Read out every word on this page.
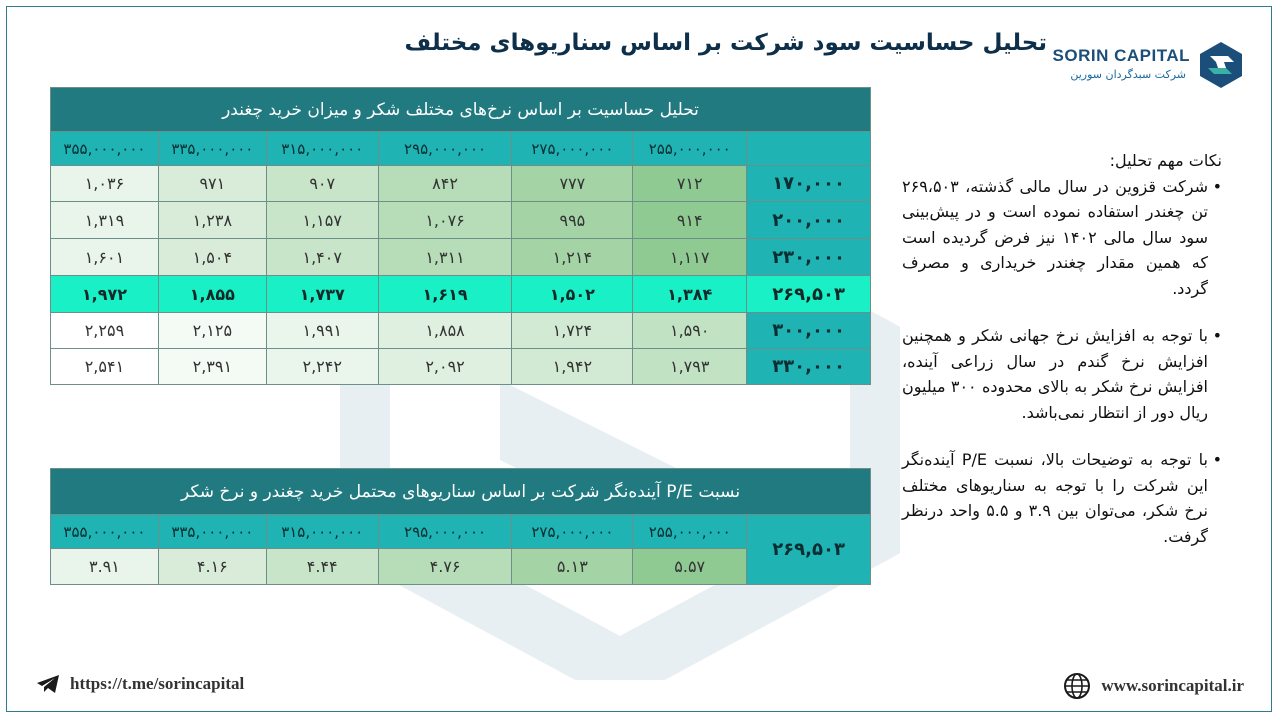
تحلیل حساسیت سود شرکت بر اساس سناریوهای مختلف SORIN CAPITAL
شرکت سبدگردان سورین
تحلیل حساسیت بر اساس نرخ‌های مختلف شکر و میزان خرید چغندر						
۳۵۵,۰۰۰,۰۰۰	۳۳۵,۰۰۰,۰۰۰	۳۱۵,۰۰۰,۰۰۰	۲۹۵,۰۰۰,۰۰۰	۲۷۵,۰۰۰,۰۰۰	۲۵۵,۰۰۰,۰۰۰	
۱,۰۳۶	۹۷۱	۹۰۷	۸۴۲	۷۷۷	۷۱۲	۱۷۰,۰۰۰
۱,۳۱۹	۱,۲۳۸	۱,۱۵۷	۱,۰۷۶	۹۹۵	۹۱۴	۲۰۰,۰۰۰
۱,۶۰۱	۱,۵۰۴	۱,۴۰۷	۱,۳۱۱	۱,۲۱۴	۱,۱۱۷	۲۳۰,۰۰۰
۱,۹۷۲	۱,۸۵۵	۱,۷۳۷	۱,۶۱۹	۱,۵۰۲	۱,۳۸۴	۲۶۹,۵۰۳
۲,۲۵۹	۲,۱۲۵	۱,۹۹۱	۱,۸۵۸	۱,۷۲۴	۱,۵۹۰	۳۰۰,۰۰۰
۲,۵۴۱	۲,۳۹۱	۲,۲۴۲	۲,۰۹۲	۱,۹۴۲	۱,۷۹۳	۳۳۰,۰۰۰
نسبت P/E آینده‌نگر شرکت بر اساس سناریوهای محتمل خرید چغندر و نرخ شکر						
۳۵۵,۰۰۰,۰۰۰	۳۳۵,۰۰۰,۰۰۰	۳۱۵,۰۰۰,۰۰۰	۲۹۵,۰۰۰,۰۰۰	۲۷۵,۰۰۰,۰۰۰	۲۵۵,۰۰۰,۰۰۰	۲۶۹,۵۰۳
۳.۹۱	۴.۱۶	۴.۴۴	۴.۷۶	۵.۱۳	۵.۵۷	
نکات مهم تحلیل:
• شرکت قزوین در سال مالی گذشته، ۲۶۹،۵۰۳ تن چغندر استفاده نموده است و در پیش‌بینی سود سال مالی ۱۴۰۲ نیز فرض گردیده است که همین مقدار چغندر خریداری و مصرف گردد.
• با توجه به افزایش نرخ جهانی شکر و همچنین افزایش نرخ گندم در سال زراعی آینده، افزایش نرخ شکر به بالای محدوده ۳۰۰ میلیون ریال دور از انتظار نمی‌باشد.
• با توجه به توضیحات بالا، نسبت P/E آینده‌نگر این شرکت را با توجه به سناریوهای مختلف نرخ شکر، می‌توان بین ۳.۹ و ۵.۵ واحد درنظر گرفت.
https://t.me/sorincapital	www.sorincapital.ir
